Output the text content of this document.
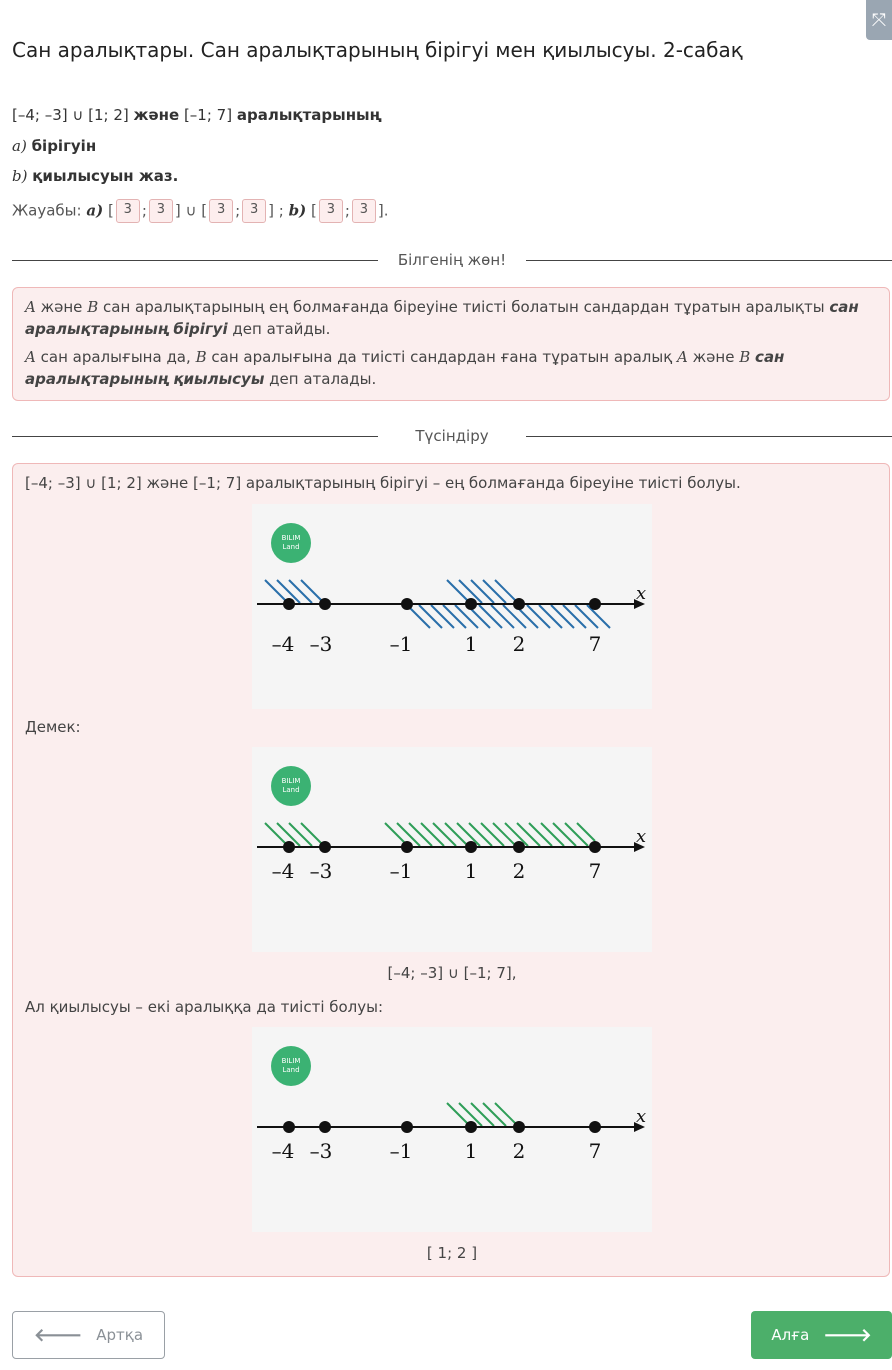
⤧
Сан аралықтары. Сан аралықтарының бірігуі мен қиылысуы. 2-сабақ
[–4; –3] ∪ [1; 2] және [–1; 7] аралықтарының
a) бірігуін
b) қиылысуын жаз.
Жауабы: a) [ 3 ; 3 ] ∪ [ 3 ; 3 ] ; b) [ 3 ; 3 ].
Білгенің жөн!

A және B сан аралықтарының ең болмағанда біреуіне тиісті болатын сандардан тұратын аралықты сан аралықтарының бірігуі деп атайды.

A сан аралығына да, B сан аралығына да тиісті сандардан ғана тұратын аралық A және B сан аралықтарының қиылысуы деп аталады.

Түсіндіру
[–4; –3] ∪ [1; 2] және [–1; 7] аралықтарының бірігуі – ең болмағанда біреуіне тиісті болуы.
BILIM
Land
x
–4 –3	–1	1 2	7
Демек:
BILIM
Land
x
–4 –3	–1	1 2	7
[–4; –3] ∪ [–1; 7],
Ал қиылысуы – екі аралыққа да тиісті болуы:
BILIM
Land
x
–4 –3	–1	1 2	7
[ 1; 2 ]
🡐 Артқа	Алға 🡒
